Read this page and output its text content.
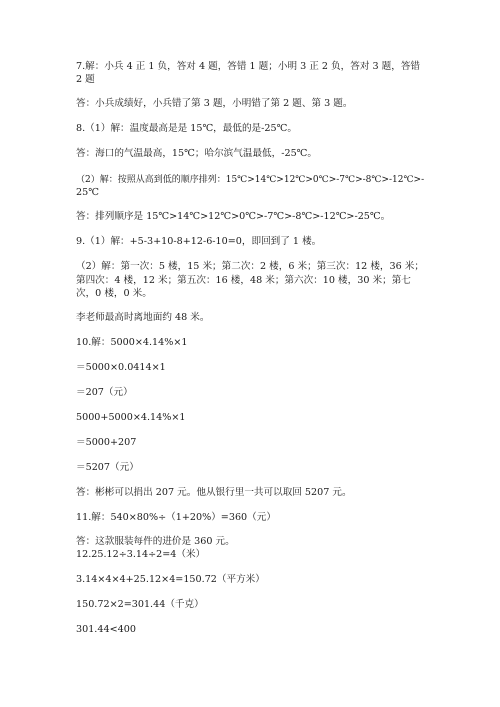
7.解：小兵 4 正 1 负，答对 4 题，答错 1 题；小明 3 正 2 负，答对 3 题，答错
2 题
答：小兵成绩好，小兵错了第 3 题，小明错了第 2 题、第 3 题。
8.（1）解：温度最高是是 15℃，最低的是-25℃。
答：海口的气温最高，15℃；哈尔滨气温最低，-25℃。
（2）解：按照从高到低的顺序排列：15℃>14℃>12℃>0℃>-7℃>-8℃>-12℃>-
25℃
答：排列顺序是 15℃>14℃>12℃>0℃>-7℃>-8℃>-12℃>-25℃。
9.（1）解：+5-3+10-8+12-6-10=0，即回到了 1 楼。
（2）解：第一次：5 楼，15 米；第二次：2 楼，6 米；第三次：12 楼，36 米；
第四次：4 楼，12 米；第五次：16 楼，48 米；第六次：10 楼，30 米；第七
次，0 楼，0 米。
李老师最高时离地面约 48 米。
10.解：5000×4.14%×1
＝5000×0.0414×1
＝207（元）
5000+5000×4.14%×1
＝5000+207
＝5207（元）
答：彬彬可以捐出 207 元。他从银行里一共可以取回 5207 元。
11.解：540×80%÷（1+20%）=360（元）
答：这款服装每件的进价是 360 元。
12.25.12÷3.14÷2=4（米）
3.14×4×4+25.12×4=150.72（平方米）
150.72×2=301.44（千克）
301.44<400
